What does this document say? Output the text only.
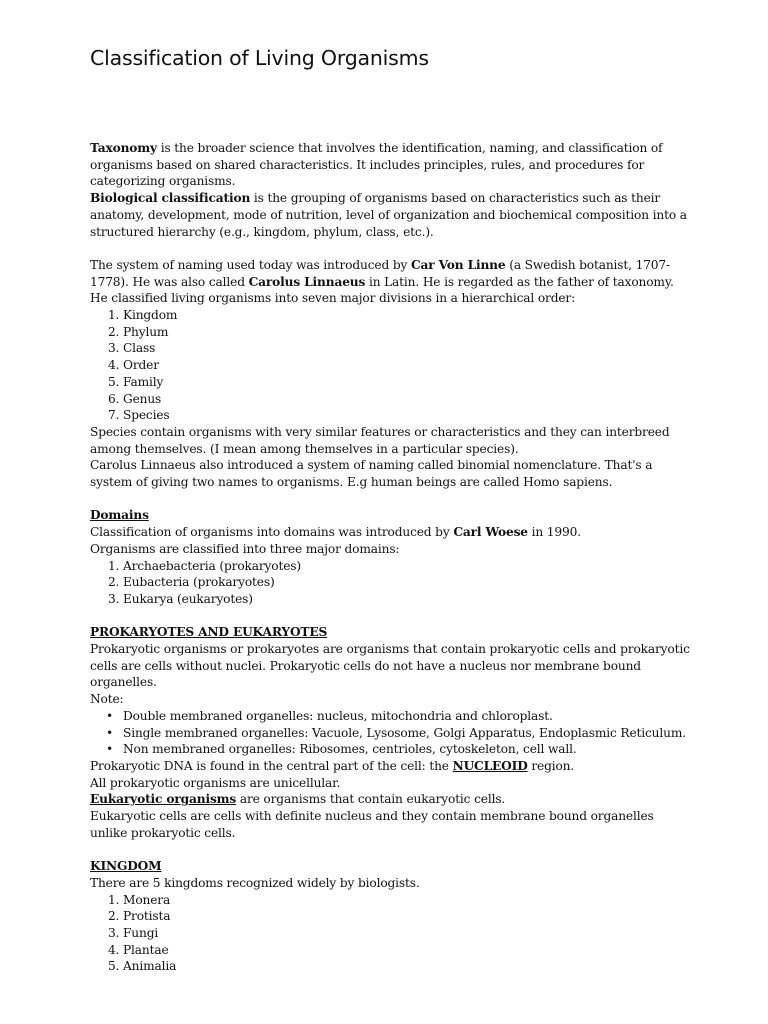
Classification of Living Organisms

Taxonomy is the broader science that involves the identification, naming, and classification of organisms based on shared characteristics. It includes principles, rules, and procedures for categorizing organisms.

Biological classification is the grouping of organisms based on characteristics such as their anatomy, development, mode of nutrition, level of organization and biochemical composition into a structured hierarchy (e.g., kingdom, phylum, class, etc.).

The system of naming used today was introduced by Car Von Linne (a Swedish botanist, 1707-1778). He was also called Carolus Linnaeus in Latin. He is regarded as the father of taxonomy. He classified living organisms into seven major divisions in a hierarchical order:

1. Kingdom
2. Phylum
3. Class
4. Order
5. Family
6. Genus
7. Species

Species contain organisms with very similar features or characteristics and they can interbreed among themselves. (I mean among themselves in a particular species).

Carolus Linnaeus also introduced a system of naming called binomial nomenclature. That's a system of giving two names to organisms. E.g human beings are called Homo sapiens.

Domains

Classification of organisms into domains was introduced by Carl Woese in 1990.

Organisms are classified into three major domains:

1. Archaebacteria (prokaryotes)
2. Eubacteria (prokaryotes)
3. Eukarya (eukaryotes)

PROKARYOTES AND EUKARYOTES

Prokaryotic organisms or prokaryotes are organisms that contain prokaryotic cells and prokaryotic cells are cells without nuclei. Prokaryotic cells do not have a nucleus nor membrane bound organelles.

Note:

• Double membraned organelles: nucleus, mitochondria and chloroplast.
• Single membraned organelles: Vacuole, Lysosome, Golgi Apparatus, Endoplasmic Reticulum.
• Non membraned organelles: Ribosomes, centrioles, cytoskeleton, cell wall.

Prokaryotic DNA is found in the central part of the cell: the NUCLEOID region.

All prokaryotic organisms are unicellular.

Eukaryotic organisms are organisms that contain eukaryotic cells.

Eukaryotic cells are cells with definite nucleus and they contain membrane bound organelles unlike prokaryotic cells.

KINGDOM

There are 5 kingdoms recognized widely by biologists.

1. Monera
2. Protista
3. Fungi
4. Plantae
5. Animalia
